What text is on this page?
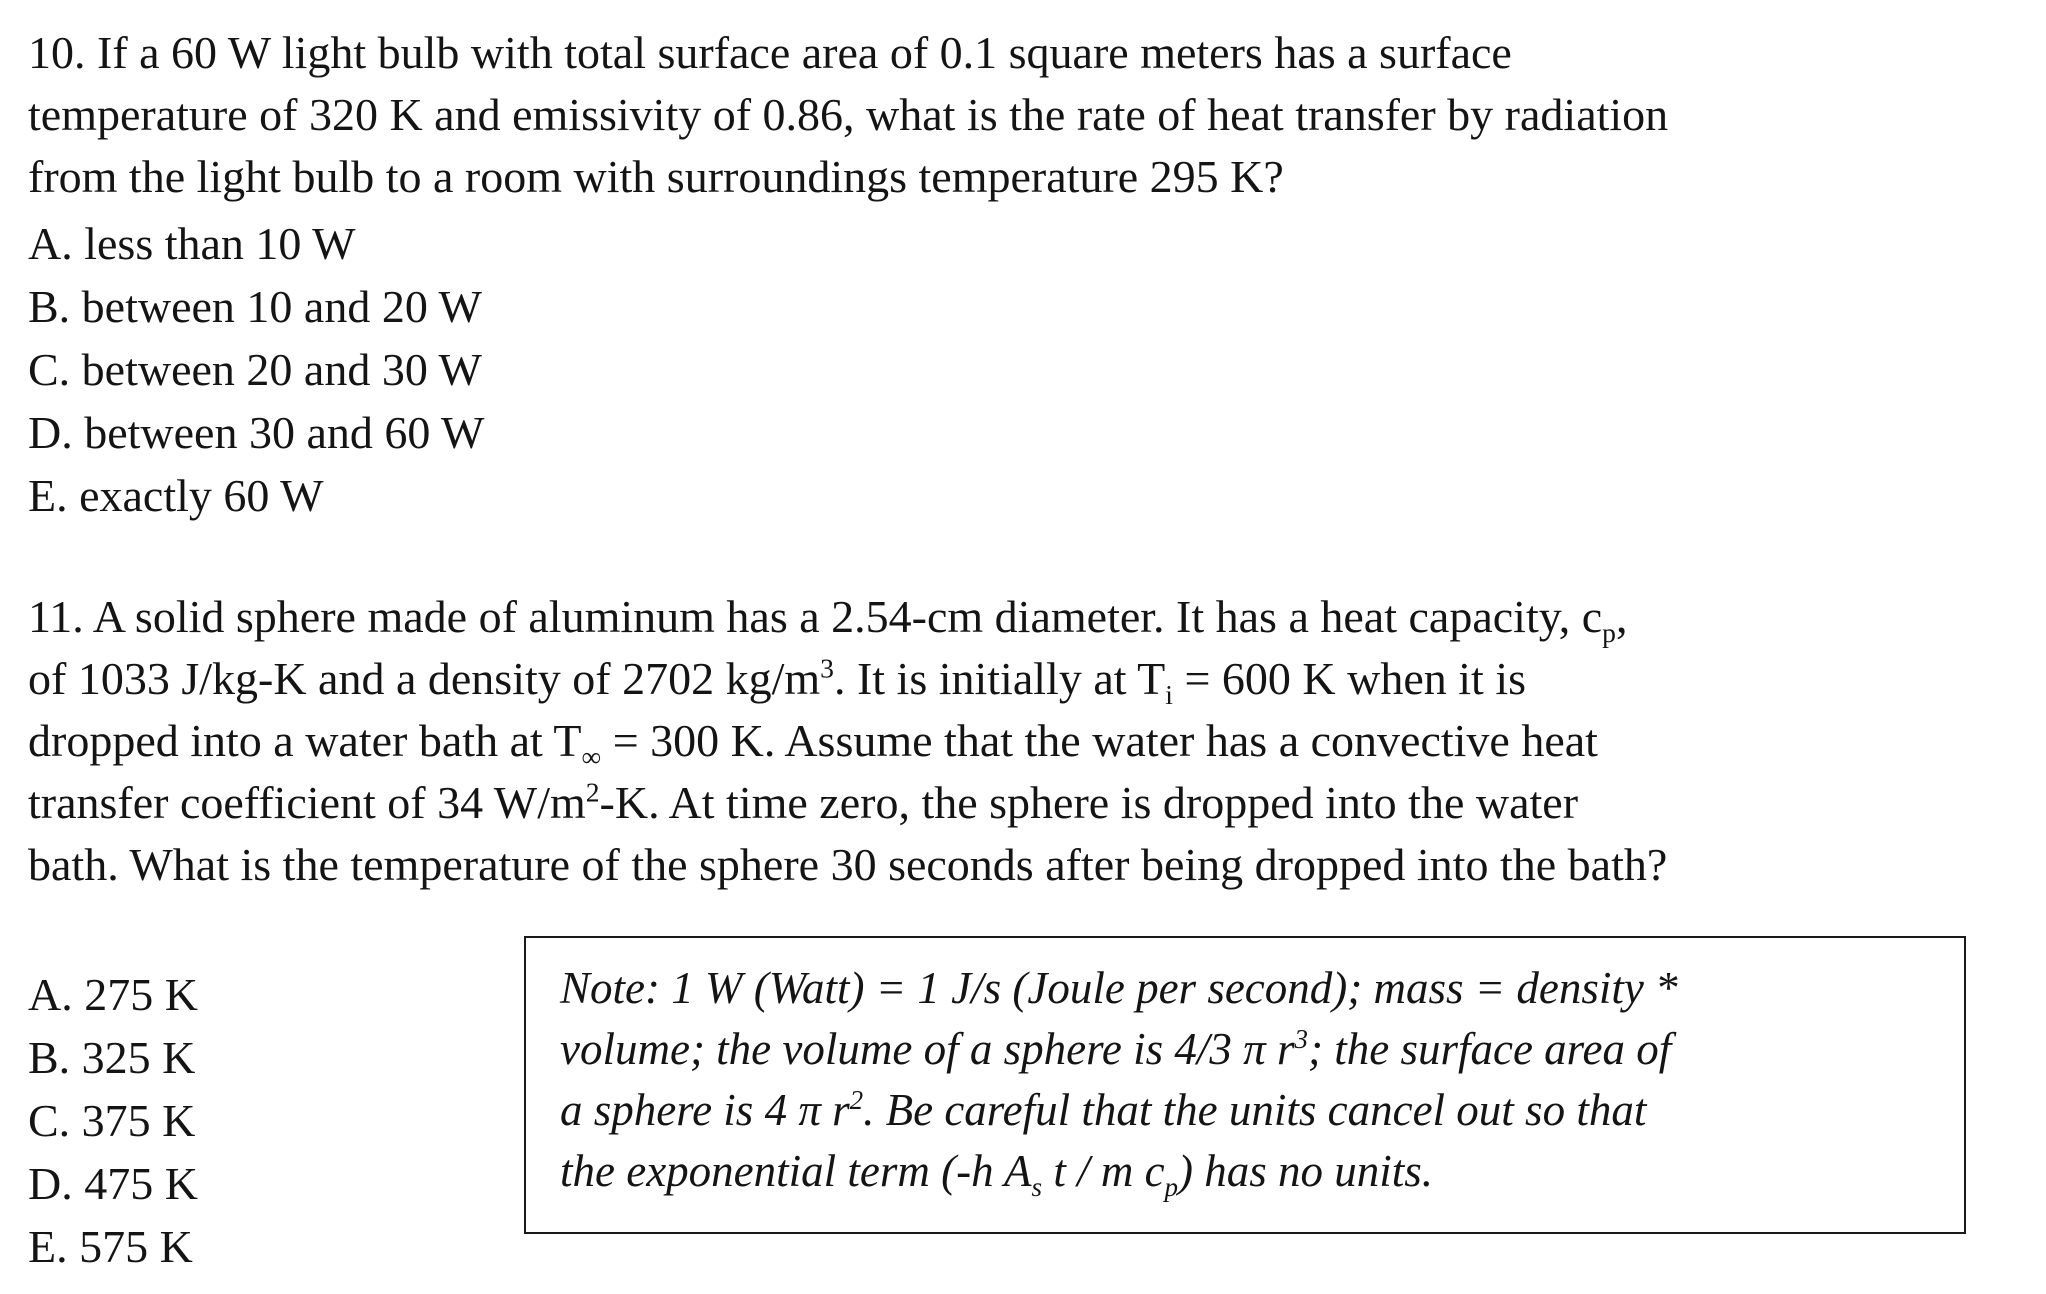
10. If a 60 W light bulb with total surface area of 0.1 square meters has a surface
temperature of 320 K and emissivity of 0.86, what is the rate of heat transfer by radiation
from the light bulb to a room with surroundings temperature 295 K?
A. less than 10 W
B. between 10 and 20 W
C. between 20 and 30 W
D. between 30 and 60 W
E. exactly 60 W
11. A solid sphere made of aluminum has a 2.54-cm diameter. It has a heat capacity, $c_p$,
of 1033 J/kg-K and a density of 2702 $kg/m^3$. It is initially at $T_i = 600$ K when it is
dropped into a water bath at $T_\infty = 300$ K. Assume that the water has a convective heat
transfer coefficient of 34 $W/m^2-K$. At time zero, the sphere is dropped into the water
bath. What is the temperature of the sphere 30 seconds after being dropped into the bath?
A. 275 K
B. 325 K
C. 375 K
D. 475 K
E. 575 K
Note: 1 W (Watt) = 1 J/s (Joule per second); mass = density *
volume; the volume of a sphere is 4/3 π $r^3$; the surface area of
a sphere is 4 π $r^2$. Be careful that the units cancel out so that
the exponential term (-h $A_s$ t / m $c_p$) has no units.
